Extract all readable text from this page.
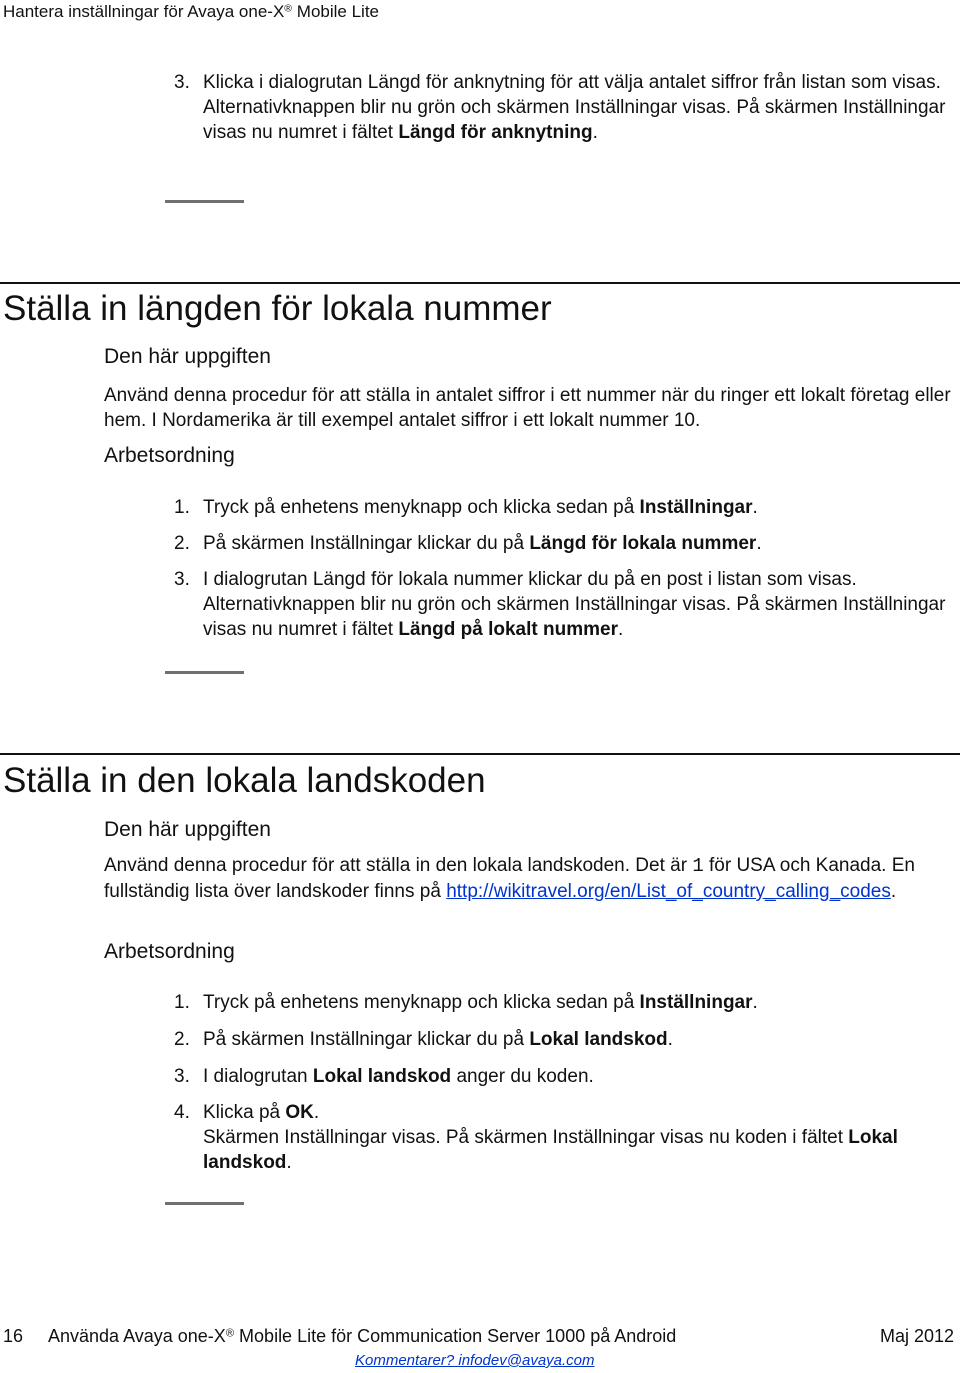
Hantera inställningar för Avaya one-X® Mobile Lite
3. Klicka i dialogrutan Längd för anknytning för att välja antalet siffror från listan som visas.
Alternativknappen blir nu grön och skärmen Inställningar visas. På skärmen Inställningar visas nu numret i fältet Längd för anknytning.
Ställa in längden för lokala nummer
Den här uppgiften
Använd denna procedur för att ställa in antalet siffror i ett nummer när du ringer ett lokalt företag eller hem. I Nordamerika är till exempel antalet siffror i ett lokalt nummer 10.
Arbetsordning
1. Tryck på enhetens menyknapp och klicka sedan på Inställningar.
2. På skärmen Inställningar klickar du på Längd för lokala nummer.
3. I dialogrutan Längd för lokala nummer klickar du på en post i listan som visas.
Alternativknappen blir nu grön och skärmen Inställningar visas. På skärmen Inställningar visas nu numret i fältet Längd på lokalt nummer.
Ställa in den lokala landskoden
Den här uppgiften
Använd denna procedur för att ställa in den lokala landskoden. Det är 1 för USA och Kanada. En fullständig lista över landskoder finns på http://wikitravel.org/en/List_of_country_calling_codes.
Arbetsordning
1. Tryck på enhetens menyknapp och klicka sedan på Inställningar.
2. På skärmen Inställningar klickar du på Lokal landskod.
3. I dialogrutan Lokal landskod anger du koden.
4. Klicka på OK.
Skärmen Inställningar visas. På skärmen Inställningar visas nu koden i fältet Lokal landskod.
16 Använda Avaya one-X® Mobile Lite för Communication Server 1000 på Android	Maj 2012
Kommentarer? infodev@avaya.com
